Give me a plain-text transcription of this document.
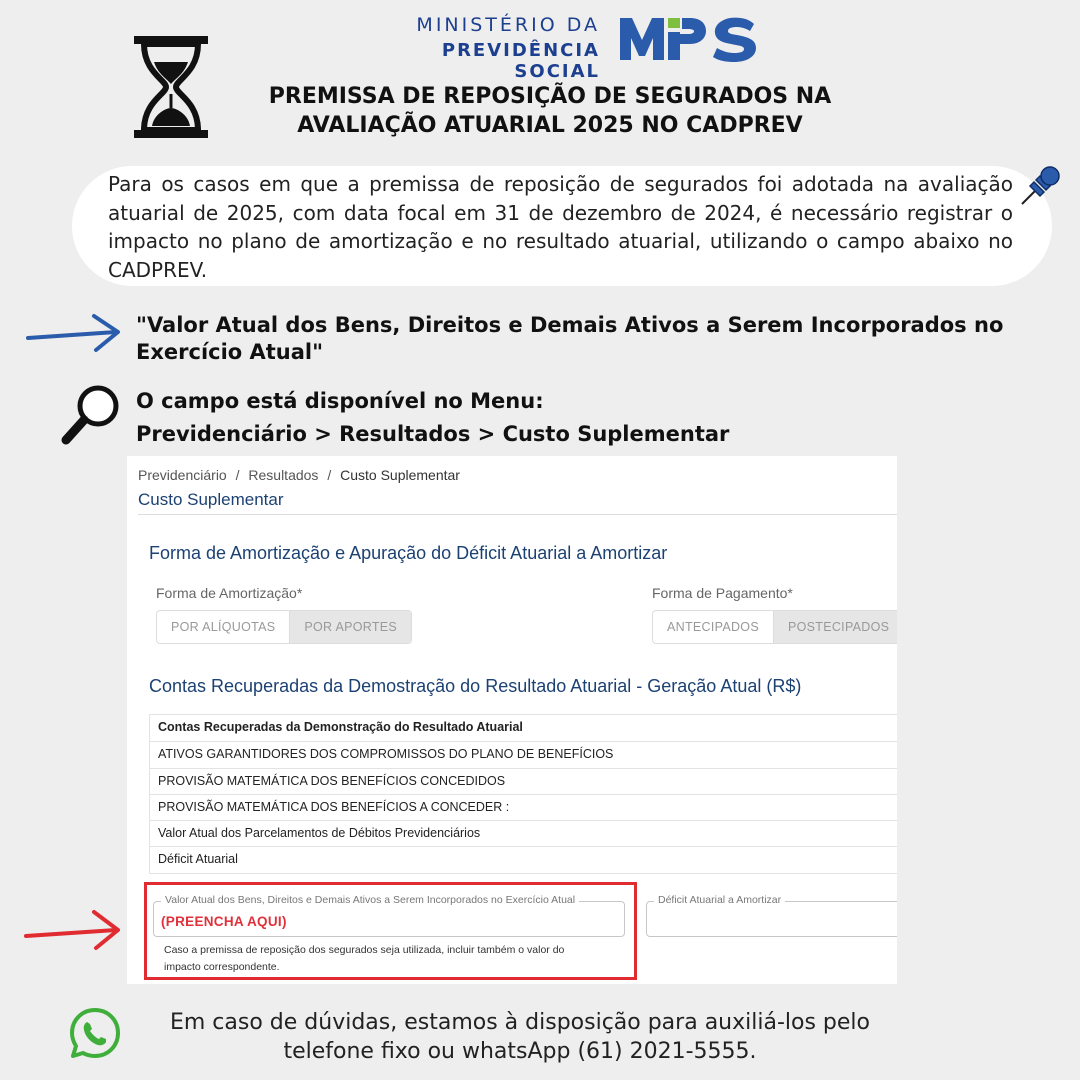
MINISTÉRIO DA
PREVIDÊNCIA SOCIAL
PREMISSA DE REPOSIÇÃO DE SEGURADOS NA
AVALIAÇÃO ATUARIAL 2025 NO CADPREV
Para os casos em que a premissa de reposição de segurados foi adotada na avaliação atuarial de 2025, com data focal em 31 de dezembro de 2024, é necessário registrar o impacto no plano de amortização e no resultado atuarial, utilizando o campo abaixo no CADPREV.
"Valor Atual dos Bens, Direitos e Demais Ativos a Serem Incorporados no Exercício Atual"
O campo está disponível no Menu:
Previdenciário > Resultados > Custo Suplementar
Previdenciário / Resultados / Custo Suplementar
Custo Suplementar
Forma de Amortização e Apuração do Déficit Atuarial a Amortizar
Forma de Amortização*
POR ALÍQUOTAS	POR APORTES
Forma de Pagamento*
ANTECIPADOS	POSTECIPADOS
Contas Recuperadas da Demostração do Resultado Atuarial - Geração Atual (R$)
Contas Recuperadas da Demonstração do Resultado Atuarial
ATIVOS GARANTIDORES DOS COMPROMISSOS DO PLANO DE BENEFÍCIOS
PROVISÃO MATEMÁTICA DOS BENEFÍCIOS CONCEDIDOS
PROVISÃO MATEMÁTICA DOS BENEFÍCIOS A CONCEDER :
Valor Atual dos Parcelamentos de Débitos Previdenciários
Déficit Atuarial
Valor Atual dos Bens, Direitos e Demais Ativos a Serem Incorporados no Exercício Atual
(PREENCHA AQUI)
Caso a premissa de reposição dos segurados seja utilizada, incluir também o valor do impacto correspondente.
Déficit Atuarial a Amortizar
Em caso de dúvidas, estamos à disposição para auxiliá-los pelo
telefone fixo ou whatsApp (61) 2021-5555.
